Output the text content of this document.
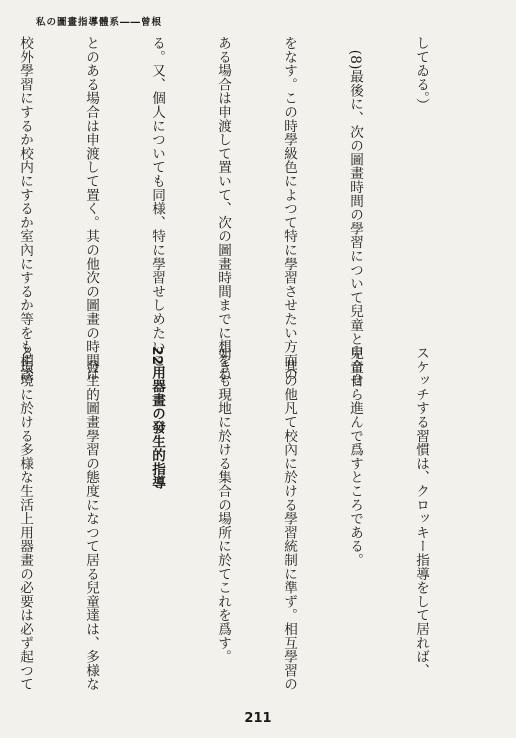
私の圖畫指導體系――曾根

してゐる。）

　(8)最後に、次の圖畫時間の學習について兒童と申合せ

をなす。この時學級色によつて特に學習させたい方面の

ある場合は申渡して置いて、次の圖畫時間までに想をね

る。又、個人についても同様、特に學習せしめたいこ

とのある場合は申渡して置く。其の他次の圖畫の時間は

校外學習にするか校内にするか室內にするか等をも相談

スケッチする習慣は、クロッキー指導をして居れば、

兒童自ら進んで爲すところである。

　其の他凡て校內に於ける學習統制に準ず。相互學習の

如きも現地に於ける集合の場所に於てこれを爲す。

22用器畫の發生的指導

　發生的圖畫學習の態度になつて居る兒童達は、多様な

る環境に於ける多様な生活上用器畫の必要は必ず起つて

211
